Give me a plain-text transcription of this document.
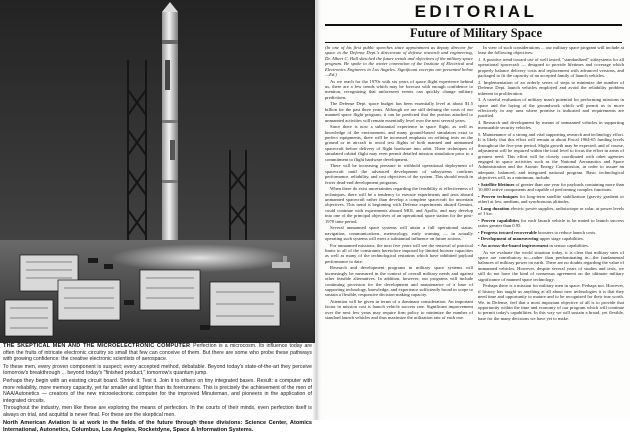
THE SKEPTICAL MEN AND THE MICROELECTRONIC COMPUTER Perfection is a microcosm. Its influence today are often the fruits of intricate electronic circuitry so small that few can conceive of them. But there are some who probe these pathways with growing confidence: the creative electronic scientists of aerospace.

To these men, every proven component is suspect; every accepted method, debatable. Beyond today's state-of-the-art they perceive tomorrow's breakthrough ... beyond today's "finished product," tomorrow's quantum jump.

Perhaps they begin with an existing circuit board. Shrink it. Test it. Join it to others on tiny integrated bases. Result: a computer with more reliability, more memory capacity, yet far smaller and lighter than its forerunners. This is precisely the achievement of the men of NAA/Autonetics — creators of the new microelectronic computer for the improved Minuteman, and pioneers in the application of integrated circuits.

Throughout the industry, men like these are exploring the means of perfection. In the courts of their minds, even perfection itself is always on trial, and acquittal is never final. For these are the skeptical men.

North American Aviation is at work in the fields of the future through these divisions: Science Center, Atomics International, Autonetics, Columbus, Los Angeles, Rocketdyne, Space & Information Systems.

EDITORIAL
Future of Military Space

(In one of his first public speeches since appointment as deputy director for space in the Defense Dept.'s directorate of defense research and engineering, Dr. Albert C. Hall sketched the future trends and objectives of the military space program. He spoke to the winter convention of the Institute of Electrical and Electronics Engineers in Los Angeles. Significant excerpts are presented below—Ed.)

As we reach for the 1970s with six years of space flight experience behind us, there are a few trends which may be forecast with enough confidence to mention, recognizing that unforeseen events can quickly change military predictions.

The Defense Dept. space budget has been essentially level at about $1.5 billion for the past three years. Although we are still defining the costs of our manned space flight program, it can be predicted that the portion attached to unmanned activities will remain essentially level over the next several years.

Since there is now a substantial experience in space flight, as well as knowledge of the environment, and many ground-based simulators exist to perfect equipments, there will be increased emphasis on refining tests on the ground or in aircraft to avoid test flights of both manned and unmanned spacecraft before delivery of flight hardware into orbit. These techniques of simulated orbital flight may even permit detailed mission simulation prior to a commitment to flight hardware development.

There will be increasing pressure to withhold operational deployment of spacecraft until the advanced development of subsystems confirms performance, reliability, and cost objectives of the system. This should result in fewer dead-end development programs.

When there do exist uncertainties regarding the feasibility or effectiveness of techniques, there will be a tendency to execute experiments and tests aboard unmanned spacecraft rather than develop a complete spacecraft for uncertain objectives. This trend is beginning with Defense experiments aboard Gemini, could continue with experiments aboard MOL and Apollo, and may develop into one of the principal objectives of an operational space station for the post-1970 time period.

Several unmanned space systems will attain a full operational status: navigation, communications, meteorology, early warning — in actually operating such systems will exert a substantial influence on future actions.

For unmanned missions, the next five years will see the removal of practical limits to all of the constraints heretofore imposed by limited booster capacities as well as many of the technological restraints which have inhibited payload performance to date.

Research and development programs in military space systems will increasingly be measured in the context of overall military needs and against other feasible alternatives. In addition, however, our programs will include continuing provision for the development and maintenance of a base of supporting technology, knowledge, and experience sufficiently broad in scope to sustain a flexible, responsive decision-making capacity.

Attention will be given in terms of a dominant consideration. An important factor in mission cost is launch vehicle success rate. Significant improvement over the next few years may require firm policy to minimize the number of standard launch vehicles and thus maximize the utilization rate of each one.

In view of such considerations ... our military space program will include at least the following objectives:

1. A positive trend toward use of well tested, "standardized" subsystems for all operational spacecraft — designed to provide lifetimes and coverage which properly balance delivery costs and replacement with advanced versions, and packaged to fit the capacity of an accepted family of launch vehicles.

2. Implementation of an orderly series of steps to minimize the number of Defense Dept. launch vehicles employed and avoid the reliability problem inherent in proliferation.

3. A careful evaluation of military man's potential for performing missions in space and the laying of the groundwork which will permit us to move effectively in any area where promise is indicated and requirements are justified.

4. Research and development by means of unmanned vehicles in supporting measurable security vehicles.

5. Maintenance of a strong and vital supporting research and technology effort. It is likely that this effort will remain at about Fiscal 1964-65 funding levels throughout the five-year period. Slight growth may be expected, and of course, adjustment will be required within the total level to focus the effort in areas of greatest need. This effort will be closely coordinated with other agencies engaged in space activities such as the National Aeronautics and Space Administration and the Atomic Energy Commission, in order to assure an adequate, balanced, and integrated national program. Basic technological objectives will, as a minimum, include:

• Satellite lifetimes of greater than one year for payloads containing more than 10,000 active components and capable of performing complex functions.

• Proven techniques for long-term satellite stabilization (gravity gradient or other) at low, medium, and synchronous altitudes.

• Long duration electric power supplies, radioisotope or solar, at power levels of 1 kw.

• Proven capabilities for each launch vehicle to be mated to launch success ratios greater than 0.95.

• Progress toward recoverable boosters to reduce launch costs.

• Development of maneuvering upper stage capabilities.

• An across-the-board improvement in sensor capabilities.

As we evaluate the world situation today, it is clear that military uses of space are contributory to—rather than predominating in—the fundamental balances of military power on earth. There are no doubts regarding the value of unmanned vehicles. However, despite several years of studies and tests, we still do not have the kind of consensus agreement on the ultimate military significance of manned space technology.

Perhaps there is a mission for military men in space; Perhaps not. However, if history has taught us anything at all about new technologies it is that they need time and opportunity to mature and to be recognized for their true worth. We, in Defense, feel that a most important objective of all is to provide that opportunity within the time and economy of our program which will continue to permit today's capabilities. In this way we will sustain a broad, yet flexible, base for the many decisions we have yet to make.
